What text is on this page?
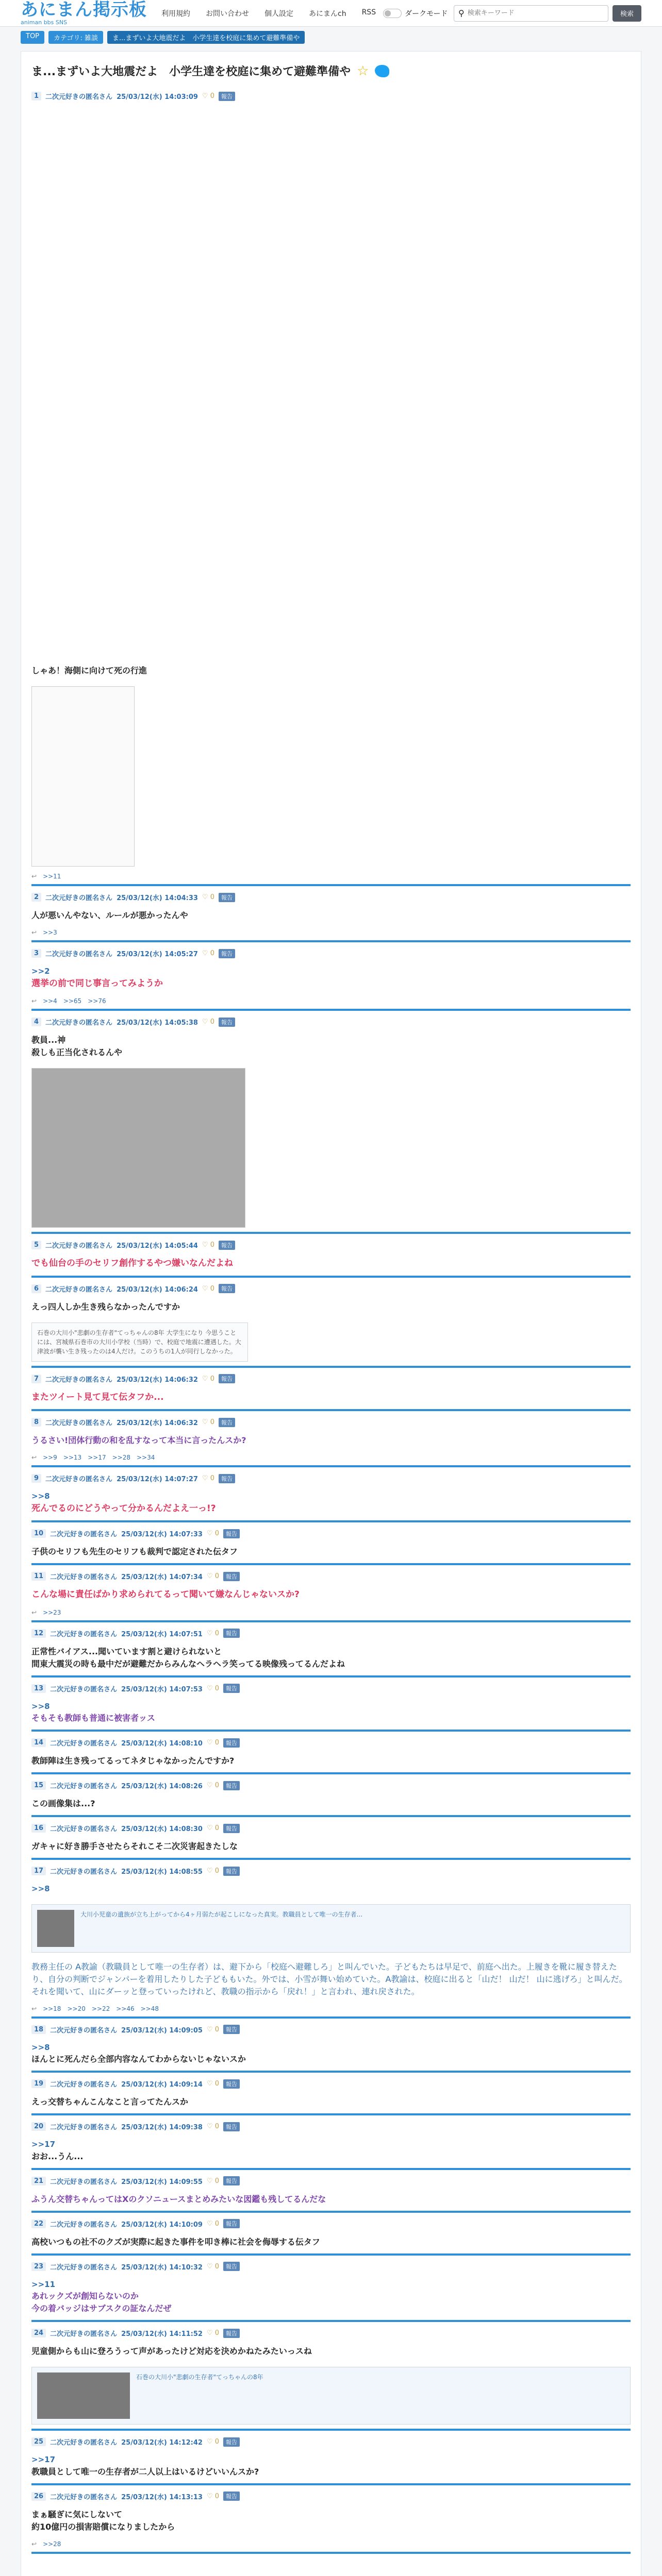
あにまん掲示板
animan bbs SNS
利用規約 お問い合わせ 個人設定 あにまんch RSS	ダークモード ⚲
検索キーワード	検索
TOP	カテゴリ: 雑談	ま...まずいよ大地震だよ　小学生達を校庭に集めて避難準備や
ま...まずいよ大地震だよ　小学生達を校庭に集めて避難準備や ☆
1	二次元好きの匿名さん 25/03/12(水) 14:03:09 ♡ 0	報告
しゃあ！海側に向けて死の行進
↩ >>11
2	二次元好きの匿名さん 25/03/12(水) 14:04:33 ♡ 0	報告
人が悪いんやない、ルールが悪かったんや
↩ >>3
3	二次元好きの匿名さん 25/03/12(水) 14:05:27 ♡ 0	報告
>>2
選挙の前で同じ事言ってみようか
↩ >>4 >>65 >>76
4	二次元好きの匿名さん 25/03/12(水) 14:05:38 ♡ 0	報告
教員...神
殺しも正当化されるんや
5	二次元好きの匿名さん 25/03/12(水) 14:05:44 ♡ 0	報告
でも仙台の手のセリフ創作するやつ嫌いなんだよね
6	二次元好きの匿名さん 25/03/12(水) 14:06:24 ♡ 0	報告
えっ四人しか生き残らなかったんですか
石巻の大川小"悲劇の生存者"てっちゃんの8年 大学生になり 今思うことには、宮城県石巻市の大川小学校（当時）で、校庭で地震に遭遇した。大津波が襲い生き残ったのは4人だけ。このうちの1人が同行しなかった。
7	二次元好きの匿名さん 25/03/12(水) 14:06:32 ♡ 0	報告
またツイート見て見て伝タフか...
8	二次元好きの匿名さん 25/03/12(水) 14:06:32 ♡ 0	報告
うるさい!団体行動の和を乱すなって本当に言ったんスか?
↩ >>9 >>13 >>17 >>28 >>34
9	二次元好きの匿名さん 25/03/12(水) 14:07:27 ♡ 0	報告
>>8
死んでるのにどうやって分かるんだよえ一っ!?
10	二次元好きの匿名さん 25/03/12(水) 14:07:33 ♡ 0	報告
子供のセリフも先生のセリフも裁判で認定された伝タフ
11	二次元好きの匿名さん 25/03/12(水) 14:07:34 ♡ 0	報告
こんな場に責任ばかり求められてるって聞いて嫌なんじゃないスか?
↩ >>23
12	二次元好きの匿名さん 25/03/12(水) 14:07:51 ♡ 0	報告
正常性バイアス...聞いています割と避けられないと
間東大震災の時も最中だが避難だからみんなヘラヘラ笑ってる映像残ってるんだよね
13	二次元好きの匿名さん 25/03/12(水) 14:07:53 ♡ 0	報告
>>8
そもそも教師も普通に被害者ッス
14	二次元好きの匿名さん 25/03/12(水) 14:08:10 ♡ 0	報告
教師陣は生き残ってるってネタじゃなかったんですか?
15	二次元好きの匿名さん 25/03/12(水) 14:08:26 ♡ 0	報告
この画像集は...?
16	二次元好きの匿名さん 25/03/12(水) 14:08:30 ♡ 0	報告
ガキャに好き勝手させたらそれこそ二次災害起きたしな
17	二次元好きの匿名さん 25/03/12(水) 14:08:55 ♡ 0	報告
>>8
大川小児童の遺族が立ち上がってから4ヶ月弱たが起こしになった真実。教職員として唯一の生存者...
教務主任の A教諭（教職員として唯一の生存者）は、避下から「校庭へ避難しろ」と叫んでいた。子どもたちは早足で、前庭へ出た。上履きを靴に履き替えたり、自分の判断でジャンパーを着用したりした子どももいた。外では、小雪が舞い始めていた。A教諭は、校庭に出ると「山だ！ 山だ！ 山に逃げろ」と叫んだ。それを聞いて、山にダーッと登っていったけれど、教職の指示から「戻れ！」と言われ、連れ戻された。
↩ >>18 >>20 >>22 >>46 >>48
18	二次元好きの匿名さん 25/03/12(水) 14:09:05 ♡ 0	報告
>>8
ほんとに死んだら全部内容なんてわからないじゃないスか
19	二次元好きの匿名さん 25/03/12(水) 14:09:14 ♡ 0	報告
えっ交替ちゃんこんなこと言ってたんスか
20	二次元好きの匿名さん 25/03/12(水) 14:09:38 ♡ 0	報告
>>17
おお...うん...
21	二次元好きの匿名さん 25/03/12(水) 14:09:55 ♡ 0	報告
ふうん交替ちゃんってはXのクソニュースまとめみたいな図鑑も残してるんだな
22	二次元好きの匿名さん 25/03/12(水) 14:10:09 ♡ 0	報告
高校いつもの社不のクズが実際に起きた事件を叩き棒に社会を侮辱する伝タフ
23	二次元好きの匿名さん 25/03/12(水) 14:10:32 ♡ 0	報告
>>11
あれックズが創知らないのか
今の着バッジはサブスクの証なんだぜ
24	二次元好きの匿名さん 25/03/12(水) 14:11:52 ♡ 0	報告
児童側からも山に登ろうって声があったけど対応を決めかねたみたいっスね
石巻の大川小"悲劇の生存者"てっちゃんの8年
25	二次元好きの匿名さん 25/03/12(水) 14:12:42 ♡ 0	報告
>>17
教職員として唯一の生存者が二人以上はいるけどいいんスか?
26	二次元好きの匿名さん 25/03/12(水) 14:13:13 ♡ 0	報告
まぁ騒ぎに気にしないて
約10億円の損害賠償になりましたから
↩ >>28
